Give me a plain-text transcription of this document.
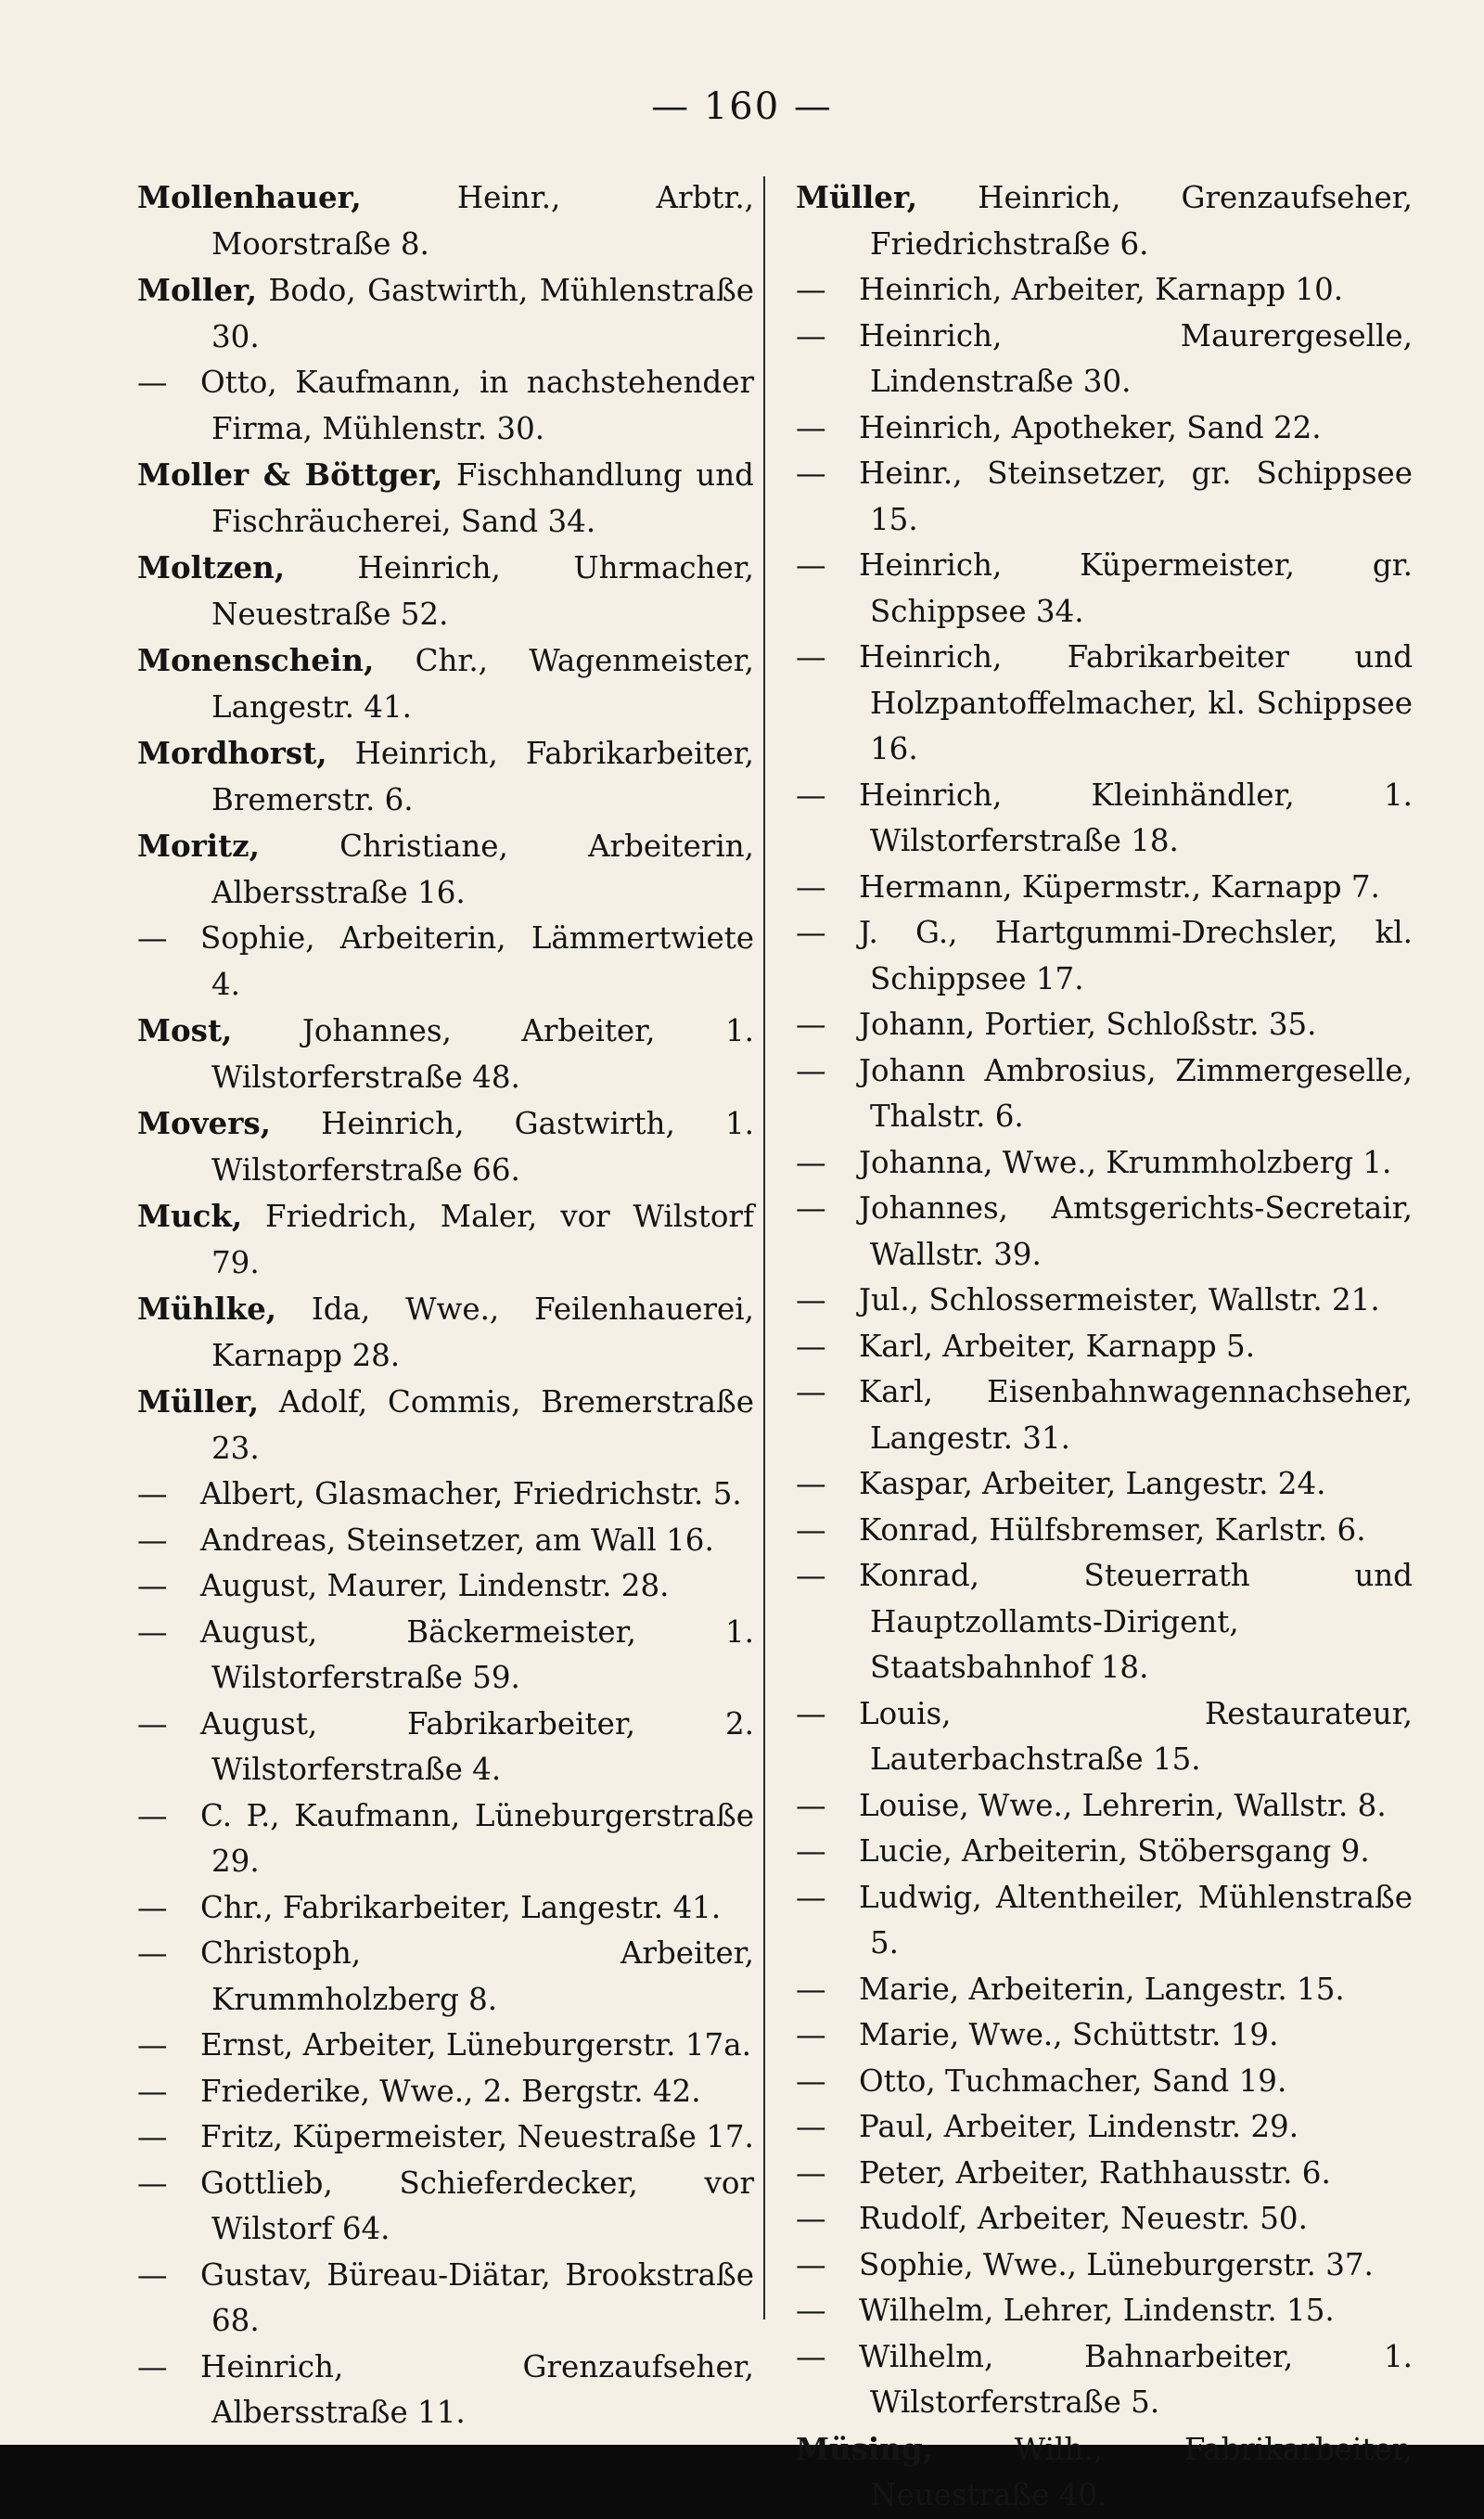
— 160 —

Mollenhauer, Heinr., Arbtr., Moorstraße 8.

Moller, Bodo, Gastwirth, Mühlenstraße 30.

— Otto, Kaufmann, in nachstehender Firma, Mühlenstr. 30.

Moller & Böttger, Fischhandlung und Fischräucherei, Sand 34.

Moltzen, Heinrich, Uhrmacher, Neuestraße 52.

Monenschein, Chr., Wagenmeister, Langestr. 41.

Mordhorst, Heinrich, Fabrikarbeiter, Bremerstr. 6.

Moritz, Christiane, Arbeiterin, Albersstraße 16.

— Sophie, Arbeiterin, Lämmertwiete 4.

Most, Johannes, Arbeiter, 1. Wilstorferstraße 48.

Movers, Heinrich, Gastwirth, 1. Wilstorferstraße 66.

Muck, Friedrich, Maler, vor Wilstorf 79.

Mühlke, Ida, Wwe., Feilenhauerei, Karnapp 28.

Müller, Adolf, Commis, Bremerstraße 23.

— Albert, Glasmacher, Friedrichstr. 5.

— Andreas, Steinsetzer, am Wall 16.

— August, Maurer, Lindenstr. 28.

— August, Bäckermeister, 1. Wilstorferstraße 59.

— August, Fabrikarbeiter, 2. Wilstorferstraße 4.

— C. P., Kaufmann, Lüneburgerstraße 29.

— Chr., Fabrikarbeiter, Langestr. 41.

— Christoph, Arbeiter, Krummholzberg 8.

— Ernst, Arbeiter, Lüneburgerstr. 17a.

— Friederike, Wwe., 2. Bergstr. 42.

— Fritz, Küpermeister, Neuestraße 17.

— Gottlieb, Schieferdecker, vor Wilstorf 64.

— Gustav, Büreau-Diätar, Brookstraße 68.

— Heinrich, Grenzaufseher, Albersstraße 11.

Müller, Heinrich, Grenzaufseher, Friedrichstraße 6.

— Heinrich, Arbeiter, Karnapp 10.

— Heinrich, Maurergeselle, Lindenstraße 30.

— Heinrich, Apotheker, Sand 22.

— Heinr., Steinsetzer, gr. Schippsee 15.

— Heinrich, Küpermeister, gr. Schippsee 34.

— Heinrich, Fabrikarbeiter und Holzpantoffelmacher, kl. Schippsee 16.

— Heinrich, Kleinhändler, 1. Wilstorferstraße 18.

— Hermann, Küpermstr., Karnapp 7.

— J. G., Hartgummi-Drechsler, kl. Schippsee 17.

— Johann, Portier, Schloßstr. 35.

— Johann Ambrosius, Zimmergeselle, Thalstr. 6.

— Johanna, Wwe., Krummholzberg 1.

— Johannes, Amtsgerichts-Secretair, Wallstr. 39.

— Jul., Schlossermeister, Wallstr. 21.

— Karl, Arbeiter, Karnapp 5.

— Karl, Eisenbahnwagennachseher, Langestr. 31.

— Kaspar, Arbeiter, Langestr. 24.

— Konrad, Hülfsbremser, Karlstr. 6.

— Konrad, Steuerrath und Hauptzollamts-Dirigent, Staatsbahnhof 18.

— Louis, Restaurateur, Lauterbachstraße 15.

— Louise, Wwe., Lehrerin, Wallstr. 8.

— Lucie, Arbeiterin, Stöbersgang 9.

— Ludwig, Altentheiler, Mühlenstraße 5.

— Marie, Arbeiterin, Langestr. 15.

— Marie, Wwe., Schüttstr. 19.

— Otto, Tuchmacher, Sand 19.

— Paul, Arbeiter, Lindenstr. 29.

— Peter, Arbeiter, Rathhausstr. 6.

— Rudolf, Arbeiter, Neuestr. 50.

— Sophie, Wwe., Lüneburgerstr. 37.

— Wilhelm, Lehrer, Lindenstr. 15.

— Wilhelm, Bahnarbeiter, 1. Wilstorferstraße 5.

Müsing, Wilh., Fabrikarbeiter, Neuestraße 40.
